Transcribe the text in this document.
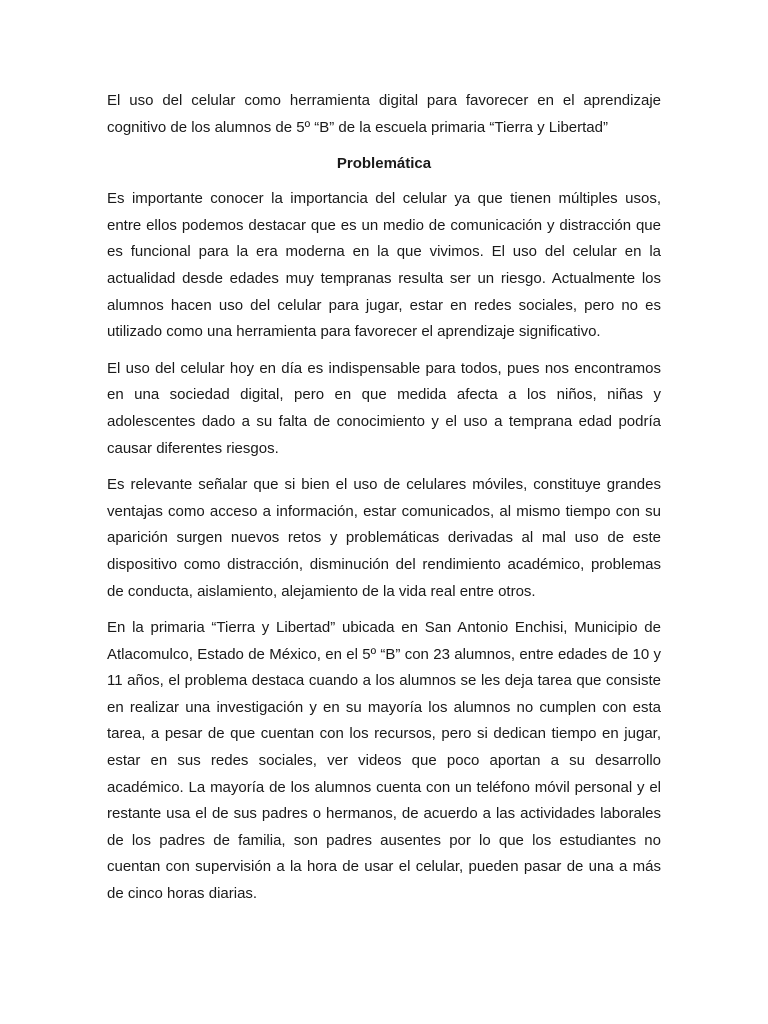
El uso del celular como herramienta digital para favorecer en el aprendizaje cognitivo de los alumnos de 5º “B” de la escuela primaria “Tierra y Libertad”

Problemática

Es importante conocer la importancia del celular ya que tienen múltiples usos, entre ellos podemos destacar que es un medio de comunicación y distracción que es funcional para la era moderna en la que vivimos. El uso del celular en la actualidad desde edades muy tempranas resulta ser un riesgo. Actualmente los alumnos hacen uso del celular para jugar, estar en redes sociales, pero no es utilizado como una herramienta para favorecer el aprendizaje significativo.

El uso del celular hoy en día es indispensable para todos, pues nos encontramos en una sociedad digital, pero en que medida afecta a los niños, niñas y adolescentes dado a su falta de conocimiento y el uso a temprana edad podría causar diferentes riesgos.

Es relevante señalar que si bien el uso de celulares móviles, constituye grandes ventajas como acceso a información, estar comunicados, al mismo tiempo con su aparición surgen nuevos retos y problemáticas derivadas al mal uso de este dispositivo como distracción, disminución del rendimiento académico, problemas de conducta, aislamiento, alejamiento de la vida real entre otros.

En la primaria “Tierra y Libertad” ubicada en San Antonio Enchisi, Municipio de Atlacomulco, Estado de México, en el 5º “B” con 23 alumnos, entre edades de 10 y 11 años, el problema destaca cuando a los alumnos se les deja tarea que consiste en realizar una investigación y en su mayoría los alumnos no cumplen con esta tarea, a pesar de que cuentan con los recursos, pero si dedican tiempo en jugar, estar en sus redes sociales, ver videos que poco aportan a su desarrollo académico. La mayoría de los alumnos cuenta con un teléfono móvil personal y el restante usa el de sus padres o hermanos, de acuerdo a las actividades laborales de los padres de familia, son padres ausentes por lo que los estudiantes no cuentan con supervisión a la hora de usar el celular, pueden pasar de una a más de cinco horas diarias.
